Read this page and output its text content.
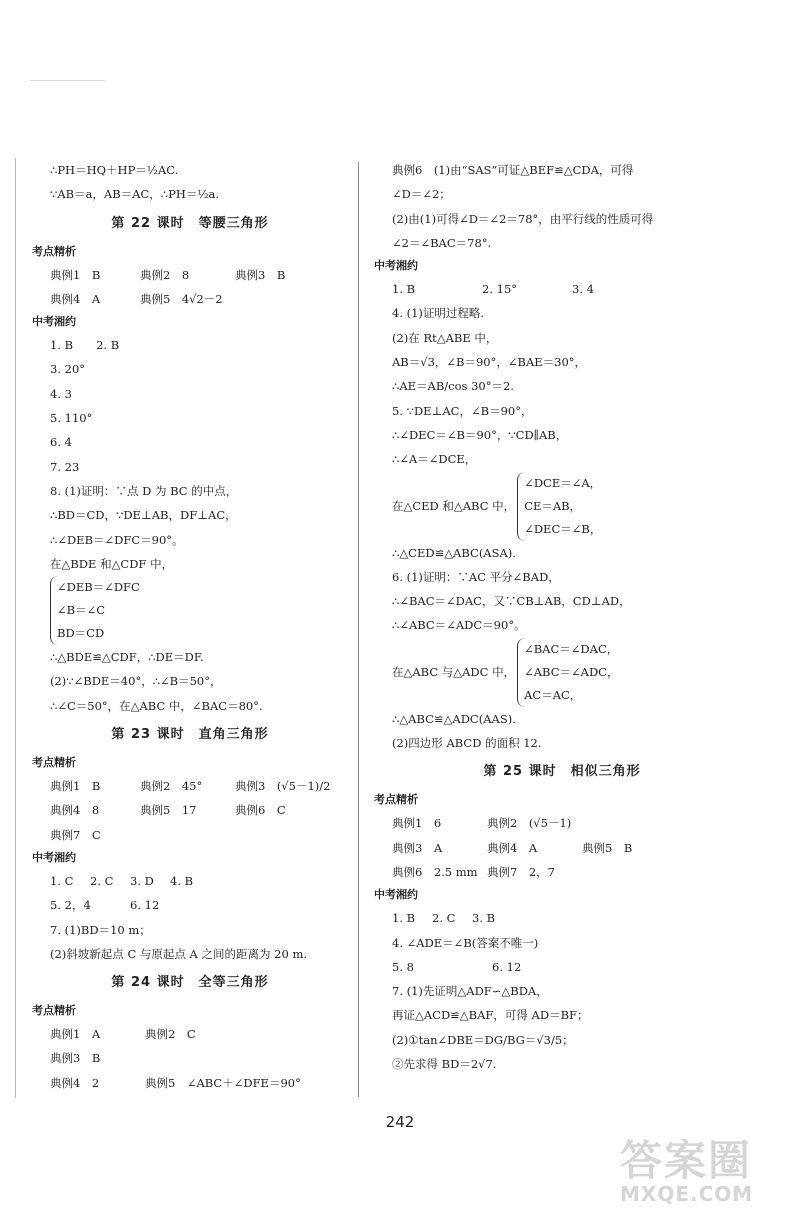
∴PH＝HQ＋HP＝½AC.
∵AB＝a，AB＝AC，∴PH＝½a.
第 22 课时　等腰三角形
考点精析
典例1　B	典例2　8	典例3　B
典例4　A	典例5　4√2－2
中考湘约
1. B　　2. B
3. 20°
4. 3
5. 110°
6. 4
7. 23
8. (1)证明：∵点 D 为 BC 的中点，
∴BD＝CD，∵DE⊥AB，DF⊥AC，
∴∠DEB＝∠DFC＝90°。
在△BDE 和△CDF 中，
∠DEB＝∠DFC
∠B＝∠C
BD＝CD
∴△BDE≌△CDF，∴DE＝DF.
(2)∵∠BDE＝40°，∴∠B＝50°，
∴∠C＝50°，在△ABC 中，∠BAC＝80°.
第 23 课时　直角三角形
考点精析
典例1　B	典例2　45°	典例3　(√5－1)/2
典例4　8	典例5　17	典例6　C
典例7　C
中考湘约
1. C	2. C	3. D	4. B
5. 2，4	6. 12
7. (1)BD＝10 m；
(2)斜坡新起点 C 与原起点 A 之间的距离为 20 m.
第 24 课时　全等三角形
考点精析
典例1　A	典例2　C
典例3　B
典例4　2	典例5　∠ABC＋∠DFE＝90°
典例6　(1)由“SAS”可证△BEF≌△CDA，可得
∠D＝∠2；
(2)由(1)可得∠D＝∠2＝78°，由平行线的性质可得
∠2＝∠BAC＝78°.
中考湘约
1. B	2. 15°	3. 4
4. (1)证明过程略.
(2)在 Rt△ABE 中，
AB＝√3，∠B＝90°，∠BAE＝30°，
∴AE＝AB/cos 30°＝2.
5. ∵DE⊥AC，∠B＝90°，
∴∠DEC＝∠B＝90°，∵CD∥AB，
∴∠A＝∠DCE，
在△CED 和△ABC 中，
∠DCE＝∠A，
CE＝AB，
∠DEC＝∠B，
∴△CED≌△ABC(ASA).
6. (1)证明：∵AC 平分∠BAD，
∴∠BAC＝∠DAC，又∵CB⊥AB，CD⊥AD，
∴∠ABC＝∠ADC＝90°。
在△ABC 与△ADC 中，
∠BAC＝∠DAC，
∠ABC＝∠ADC，
AC＝AC，
∴△ABC≌△ADC(AAS).
(2)四边形 ABCD 的面积 12.
第 25 课时　相似三角形
考点精析
典例1　6	典例2　(√5－1)
典例3　A	典例4　A	典例5　B
典例6　2.5 mm 典例7　2，7
中考湘约
1. B	2. C	3. B
4. ∠ADE＝∠B(答案不唯一)
5. 8	6. 12
7. (1)先证明△ADF∽△BDA，
再证△ACD≌△BAF，可得 AD＝BF；
(2)①tan∠DBE＝DG/BG＝√3/5；
②先求得 BD＝2√7.
242
答案圈
MXQE.COM
